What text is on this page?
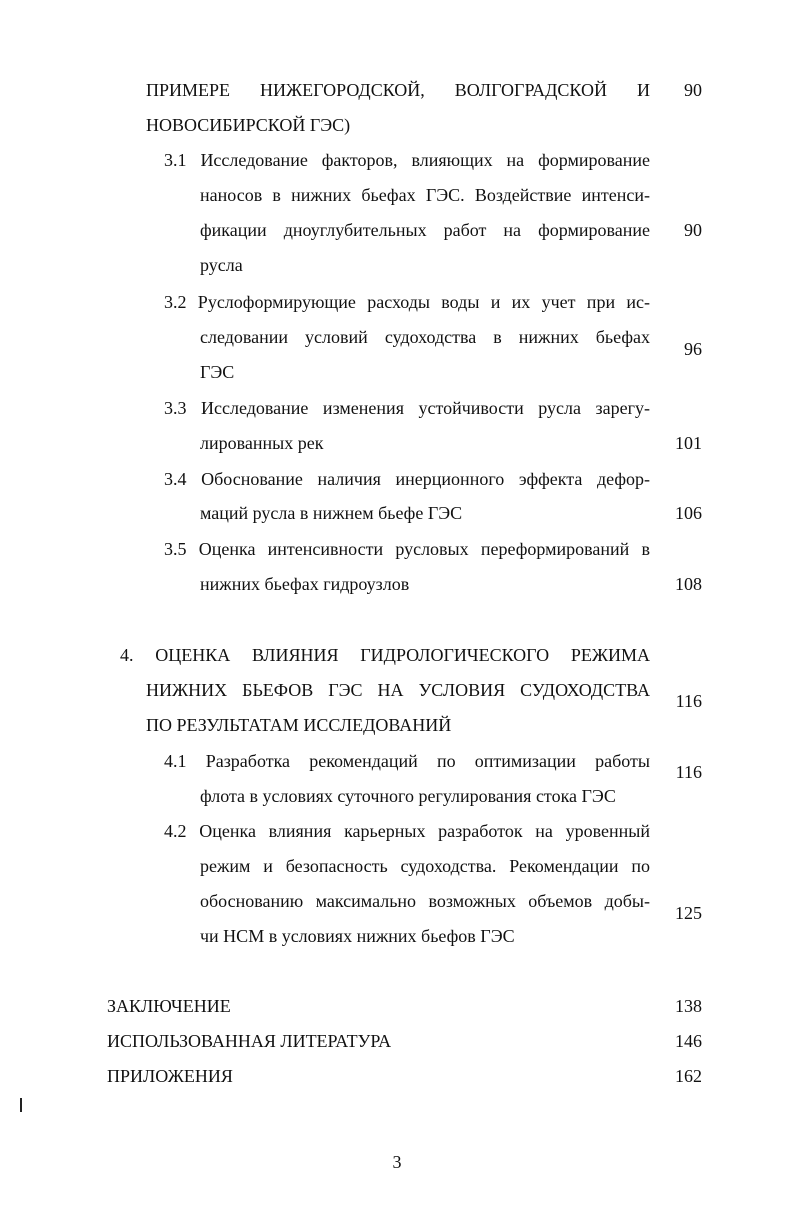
ПРИМЕРЕ НИЖЕГОРОДСКОЙ, ВОЛГОГРАДСКОЙ И
НОВОСИБИРСКОЙ ГЭС)
90
3.1 Исследование факторов, влияющих на формирование
наносов в нижних бьефах ГЭС. Воздействие интенси-
фикации дноуглубительных работ на формирование
русла
90
3.2 Руслоформирующие расходы воды и их учет при ис-
следовании условий судоходства в нижних бьефах
ГЭС
96
3.3 Исследование изменения устойчивости русла зарегу-
лированных рек	101
3.4 Обоснование наличия инерционного эффекта дефор-
маций русла в нижнем бьефе ГЭС	106
3.5 Оценка интенсивности русловых переформирований в
нижних бьефах гидроузлов	108
4. ОЦЕНКА ВЛИЯНИЯ ГИДРОЛОГИЧЕСКОГО РЕЖИМА
НИЖНИХ БЬЕФОВ ГЭС НА УСЛОВИЯ СУДОХОДСТВА
ПО РЕЗУЛЬТАТАМ ИССЛЕДОВАНИЙ
116
4.1 Разработка рекомендаций по оптимизации работы
флота в условиях суточного регулирования стока ГЭС
116
4.2 Оценка влияния карьерных разработок на уровенный
режим и безопасность судоходства. Рекомендации по
обоснованию максимально возможных объемов добы-
чи НСМ в условиях нижних бьефов ГЭС
125
ЗАКЛЮЧЕНИЕ	138
ИСПОЛЬЗОВАННАЯ ЛИТЕРАТУРА	146
ПРИЛОЖЕНИЯ	162
3
